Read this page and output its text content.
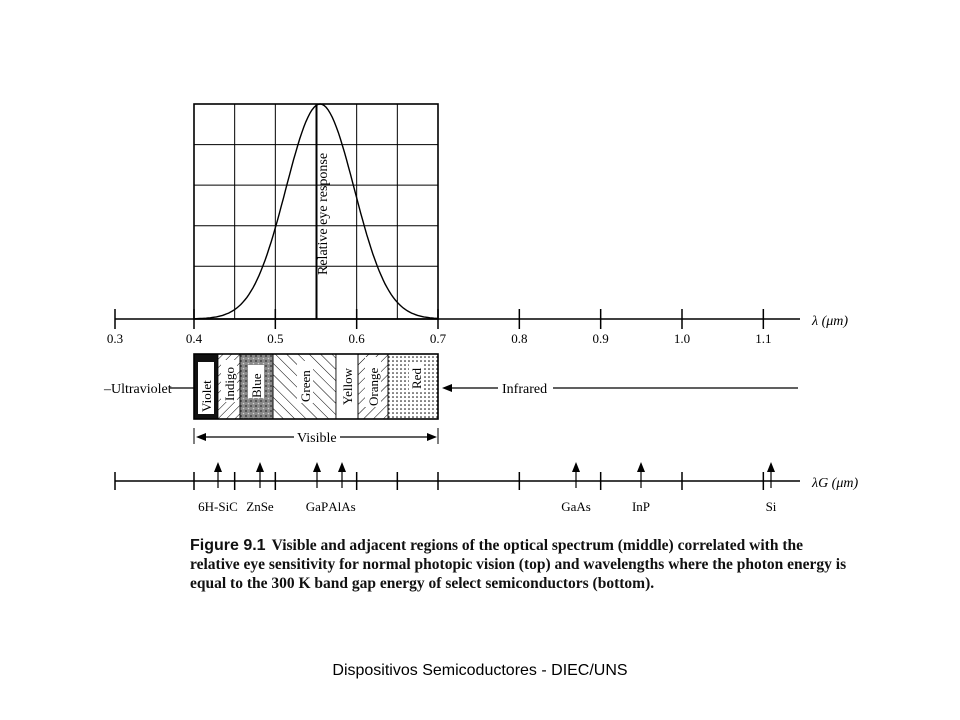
Relative eye response
0.3	0.4	0.5	0.6	0.7	0.8	0.9	1.0	1.1
λ (μm)
Violet Indigo Blue	Green Yellow Orange Red
–Ultraviolet	Infrared
Visible
6H-SiC ZnSe GaP AlAs	GaAs	InP	Si
λG (μm)
Figure 9.1 Visible and adjacent regions of the optical spectrum (middle) correlated with the relative eye sensitivity for normal photopic vision (top) and wavelengths where the photon energy is equal to the 300 K band gap energy of select semiconductors (bottom).
Dispositivos Semicoductores - DIEC/UNS
